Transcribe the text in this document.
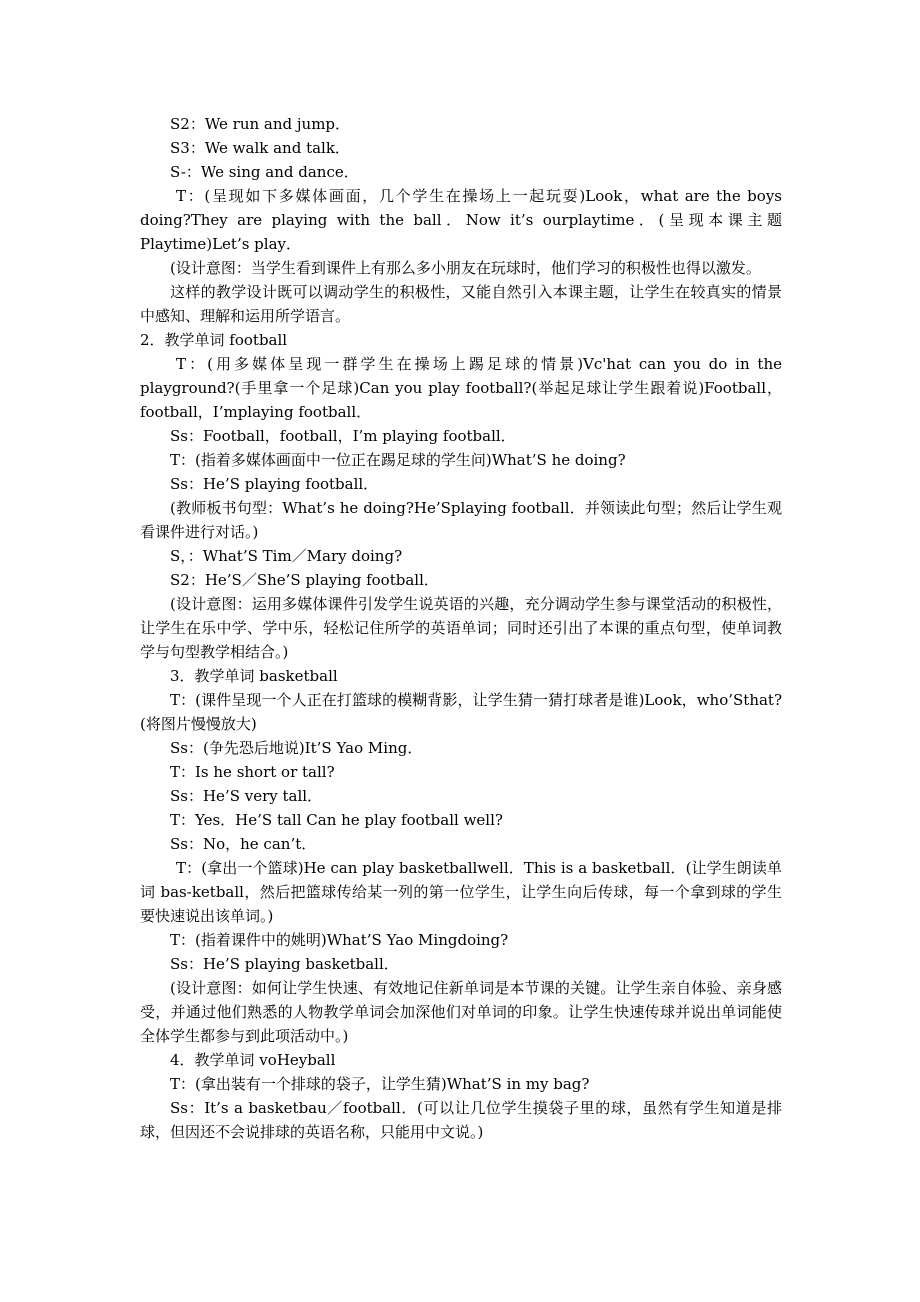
S2：We run and jump．

S3：We walk and talk．

S-：We sing and dance．

T：(呈现如下多媒体画面，几个学生在操场上一起玩耍)Look，what are the boys doing?They are playing with the ball．Now it’s ourplaytime．(呈现本课主题 Playtime)Let’s play．

(设计意图：当学生看到课件上有那么多小朋友在玩球时，他们学习的积极性也得以激发。

这样的教学设计既可以调动学生的积极性，又能自然引入本课主题，让学生在较真实的情景中感知、理解和运用所学语言。

2．教学单词 football

T：(用多媒体呈现一群学生在操场上踢足球的情景)Vc'hat can you do in the playground?(手里拿一个足球)Can you play football?(举起足球让学生跟着说)Football，football，I’mplaying football．

Ss：Football，football，I’m playing football．

T：(指着多媒体画面中一位正在踢足球的学生问)What’S he doing?

Ss：He’S playing football．

(教师板书句型：What’s he doing?He’Splaying football．并领读此句型；然后让学生观看课件进行对话。)

S，：What’S Tim／Mary doing?

S2：He’S／She’S playing football．

(设计意图：运用多媒体课件引发学生说英语的兴趣，充分调动学生参与课堂活动的积极性，让学生在乐中学、学中乐，轻松记住所学的英语单词；同时还引出了本课的重点句型，使单词教学与句型教学相结合。)

3．教学单词 basketball

T：(课件呈现一个人正在打篮球的模糊背影，让学生猜一猜打球者是谁)Look，who’Sthat?(将图片慢慢放大)

Ss：(争先恐后地说)It’S Yao Ming．

T：Is he short or tall?

Ss：He’S very tall．

T：Yes．He’S tall Can he play football well?

Ss：No，he can’t．

T：(拿出一个篮球)He can play basketballwell．This is a basketball．(让学生朗读单词 bas-ketball，然后把篮球传给某一列的第一位学生，让学生向后传球，每一个拿到球的学生要快速说出该单词。)

T：(指着课件中的姚明)What’S Yao Mingdoing?

Ss：He’S playing basketball．

(设计意图：如何让学生快速、有效地记住新单词是本节课的关键。让学生亲自体验、亲身感受，并通过他们熟悉的人物教学单词会加深他们对单词的印象。让学生快速传球并说出单词能使全体学生都参与到此项活动中。)

4．教学单词 voHeyball

T：(拿出装有一个排球的袋子，让学生猜)What’S in my bag?

Ss：It’s a basketbau／football．(可以让几位学生摸袋子里的球，虽然有学生知道是排球，但因还不会说排球的英语名称，只能用中文说。)
